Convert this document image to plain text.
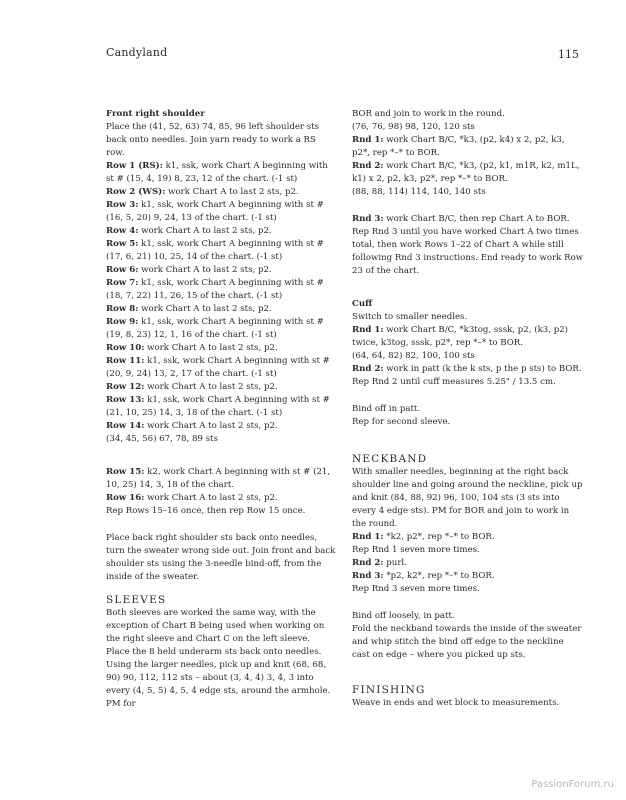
Candyland	115

Front right shoulder

Place the (41, 52, 63) 74, 85, 96 left shoulder sts back onto needles. Join yarn ready to work a RS row.

Row 1 (RS): k1, ssk, work Chart A beginning with st # (15, 4, 19) 8, 23, 12 of the chart. (-1 st)

Row 2 (WS): work Chart A to last 2 sts, p2.

Row 3: k1, ssk, work Chart A beginning with st # (16, 5, 20) 9, 24, 13 of the chart. (-1 st)

Row 4: work Chart A to last 2 sts, p2.

Row 5: k1, ssk, work Chart A beginning with st # (17, 6, 21) 10, 25, 14 of the chart. (-1 st)

Row 6: work Chart A to last 2 sts, p2.

Row 7: k1, ssk, work Chart A beginning with st # (18, 7, 22) 11, 26, 15 of the chart. (-1 st)

Row 8: work Chart A to last 2 sts, p2.

Row 9: k1, ssk, work Chart A beginning with st # (19, 8, 23) 12, 1, 16 of the chart. (-1 st)

Row 10: work Chart A to last 2 sts, p2.

Row 11: k1, ssk, work Chart A beginning with st # (20, 9, 24) 13, 2, 17 of the chart. (-1 st)

Row 12: work Chart A to last 2 sts, p2.

Row 13: k1, ssk, work Chart A beginning with st # (21, 10, 25) 14, 3, 18 of the chart. (-1 st)

Row 14: work Chart A to last 2 sts, p2.

(34, 45, 56) 67, 78, 89 sts

Row 15: k2, work Chart A beginning with st # (21, 10, 25) 14, 3, 18 of the chart.

Row 16: work Chart A to last 2 sts, p2.

Rep Rows 15–16 once, then rep Row 15 once.

Place back right shoulder sts back onto needles, turn the sweater wrong side out. Join front and back shoulder sts using the 3-needle bind-off, from the inside of the sweater.

SLEEVES

Both sleeves are worked the same way, with the exception of Chart B being used when working on the right sleeve and Chart C on the left sleeve.

Place the 8 held underarm sts back onto needles. Using the larger needles, pick up and knit (68, 68, 90) 90, 112, 112 sts – about (3, 4, 4) 3, 4, 3 into every (4, 5, 5) 4, 5, 4 edge sts, around the armhole. PM for

BOR and join to work in the round.

(76, 76, 98) 98, 120, 120 sts

Rnd 1: work Chart B/C, *k3, (p2, k4) x 2, p2, k3, p2*, rep *–* to BOR.

Rnd 2: work Chart B/C, *k3, (p2, k1, m1R, k2, m1L, k1) x 2, p2, k3, p2*, rep *–* to BOR.

(88, 88, 114) 114, 140, 140 sts

Rnd 3: work Chart B/C, then rep Chart A to BOR.

Rep Rnd 3 until you have worked Chart A two times total, then work Rows 1–22 of Chart A while still following Rnd 3 instructions. End ready to work Row 23 of the chart.

Cuff

Switch to smaller needles.

Rnd 1: work Chart B/C, *k3tog, sssk, p2, (k3, p2) twice, k3tog, sssk, p2*, rep *–* to BOR.

(64, 64, 82) 82, 100, 100 sts

Rnd 2: work in patt (k the k sts, p the p sts) to BOR.

Rep Rnd 2 until cuff measures 5.25" / 13.5 cm.

Bind off in patt.

Rep for second sleeve.

NECKBAND

With smaller needles, beginning at the right back shoulder line and going around the neckline, pick up and knit (84, 88, 92) 96, 100, 104 sts (3 sts into every 4 edge sts). PM for BOR and join to work in the round.

Rnd 1: *k2, p2*, rep *–* to BOR.

Rep Rnd 1 seven more times.

Rnd 2: purl.

Rnd 3: *p2, k2*, rep *–* to BOR.

Rep Rnd 3 seven more times.

Bind off loosely, in patt.

Fold the neckband towards the inside of the sweater and whip stitch the bind off edge to the neckline cast on edge – where you picked up sts.

FINISHING

Weave in ends and wet block to measurements.

PassionForum.ru
